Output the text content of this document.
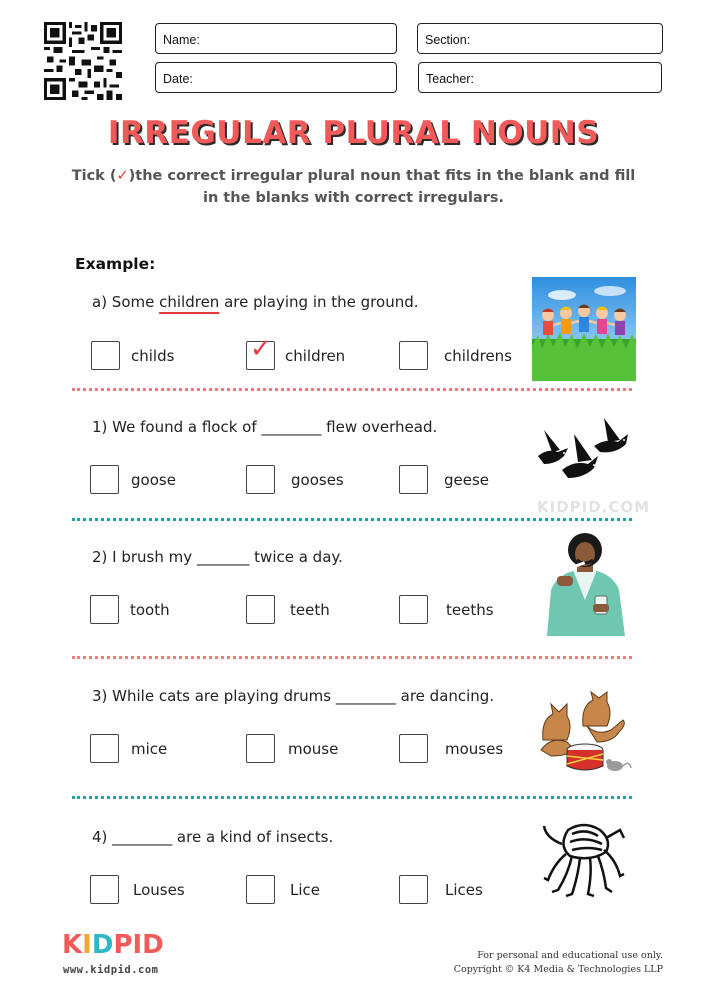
Name:	Section:
Date:	Teacher:
IRREGULAR PLURAL NOUNS
Tick (✓)the correct irregular plural noun that fits in the blank and fill in the blanks with correct irregulars.
Example:
a) Some children are playing in the ground.
childs	✓ children	childrens
1) We found a flock of ________ flew overhead.
goose	gooses	geese
KIDPID.COM
2) I brush my _______ twice a day.
tooth	teeth	teeths
3) While cats are playing drums ________ are dancing.
mice	mouse	mouses
4) ________ are a kind of insects.
Louses	Lice	Lices
KIDPID
www.kidpid.com
For personal and educational use only.
Copyright © K4 Media & Technologies LLP
